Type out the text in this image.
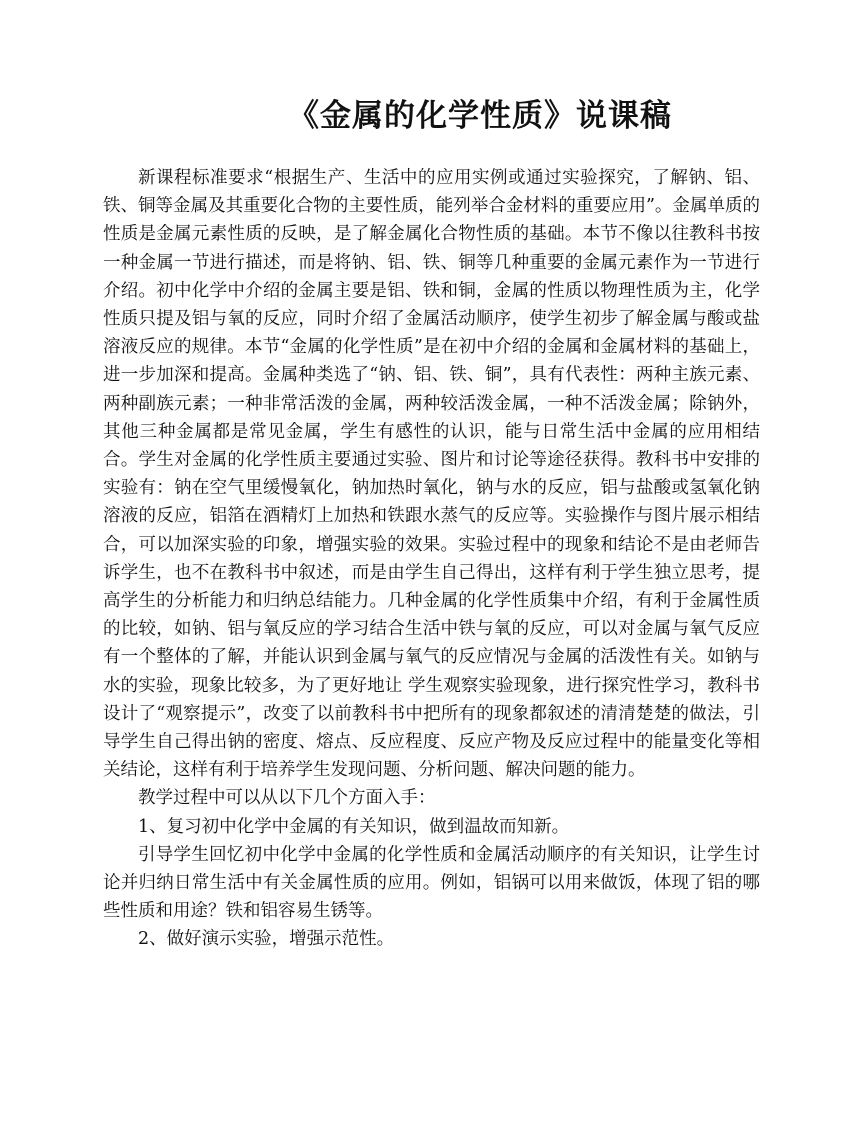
《金属的化学性质》说课稿

新课程标准要求“根据生产、生活中的应用实例或通过实验探究，了解钠、铝、铁、铜等金属及其重要化合物的主要性质，能列举合金材料的重要应用”。金属单质的性质是金属元素性质的反映，是了解金属化合物性质的基础。本节不像以往教科书按一种金属一节进行描述，而是将钠、铝、铁、铜等几种重要的金属元素作为一节进行介绍。初中化学中介绍的金属主要是铝、铁和铜，金属的性质以物理性质为主，化学性质只提及铝与氧的反应，同时介绍了金属活动顺序，使学生初步了解金属与酸或盐溶液反应的规律。本节“金属的化学性质”是在初中介绍的金属和金属材料的基础上，进一步加深和提高。金属种类选了“钠、铝、铁、铜”，具有代表性：两种主族元素、两种副族元素；一种非常活泼的金属，两种较活泼金属，一种不活泼金属；除钠外，其他三种金属都是常见金属，学生有感性的认识，能与日常生活中金属的应用相结合。学生对金属的化学性质主要通过实验、图片和讨论等途径获得。教科书中安排的实验有：钠在空气里缓慢氧化，钠加热时氧化，钠与水的反应，铝与盐酸或氢氧化钠溶液的反应，铝箔在酒精灯上加热和铁跟水蒸气的反应等。实验操作与图片展示相结合，可以加深实验的印象，增强实验的效果。实验过程中的现象和结论不是由老师告诉学生，也不在教科书中叙述，而是由学生自己得出，这样有利于学生独立思考，提高学生的分析能力和归纳总结能力。几种金属的化学性质集中介绍，有利于金属性质的比较，如钠、铝与氧反应的学习结合生活中铁与氧的反应，可以对金属与氧气反应有一个整体的了解，并能认识到金属与氧气的反应情况与金属的活泼性有关。如钠与水的实验，现象比较多，为了更好地让 学生观察实验现象，进行探究性学习，教科书设计了“观察提示”，改变了以前教科书中把所有的现象都叙述的清清楚楚的做法，引导学生自己得出钠的密度、熔点、反应程度、反应产物及反应过程中的能量变化等相关结论，这样有利于培养学生发现问题、分析问题、解决问题的能力。

教学过程中可以从以下几个方面入手：

1、复习初中化学中金属的有关知识，做到温故而知新。

引导学生回忆初中化学中金属的化学性质和金属活动顺序的有关知识，让学生讨论并归纳日常生活中有关金属性质的应用。例如，铝锅可以用来做饭，体现了铝的哪些性质和用途？铁和铝容易生锈等。

2、做好演示实验，增强示范性。
